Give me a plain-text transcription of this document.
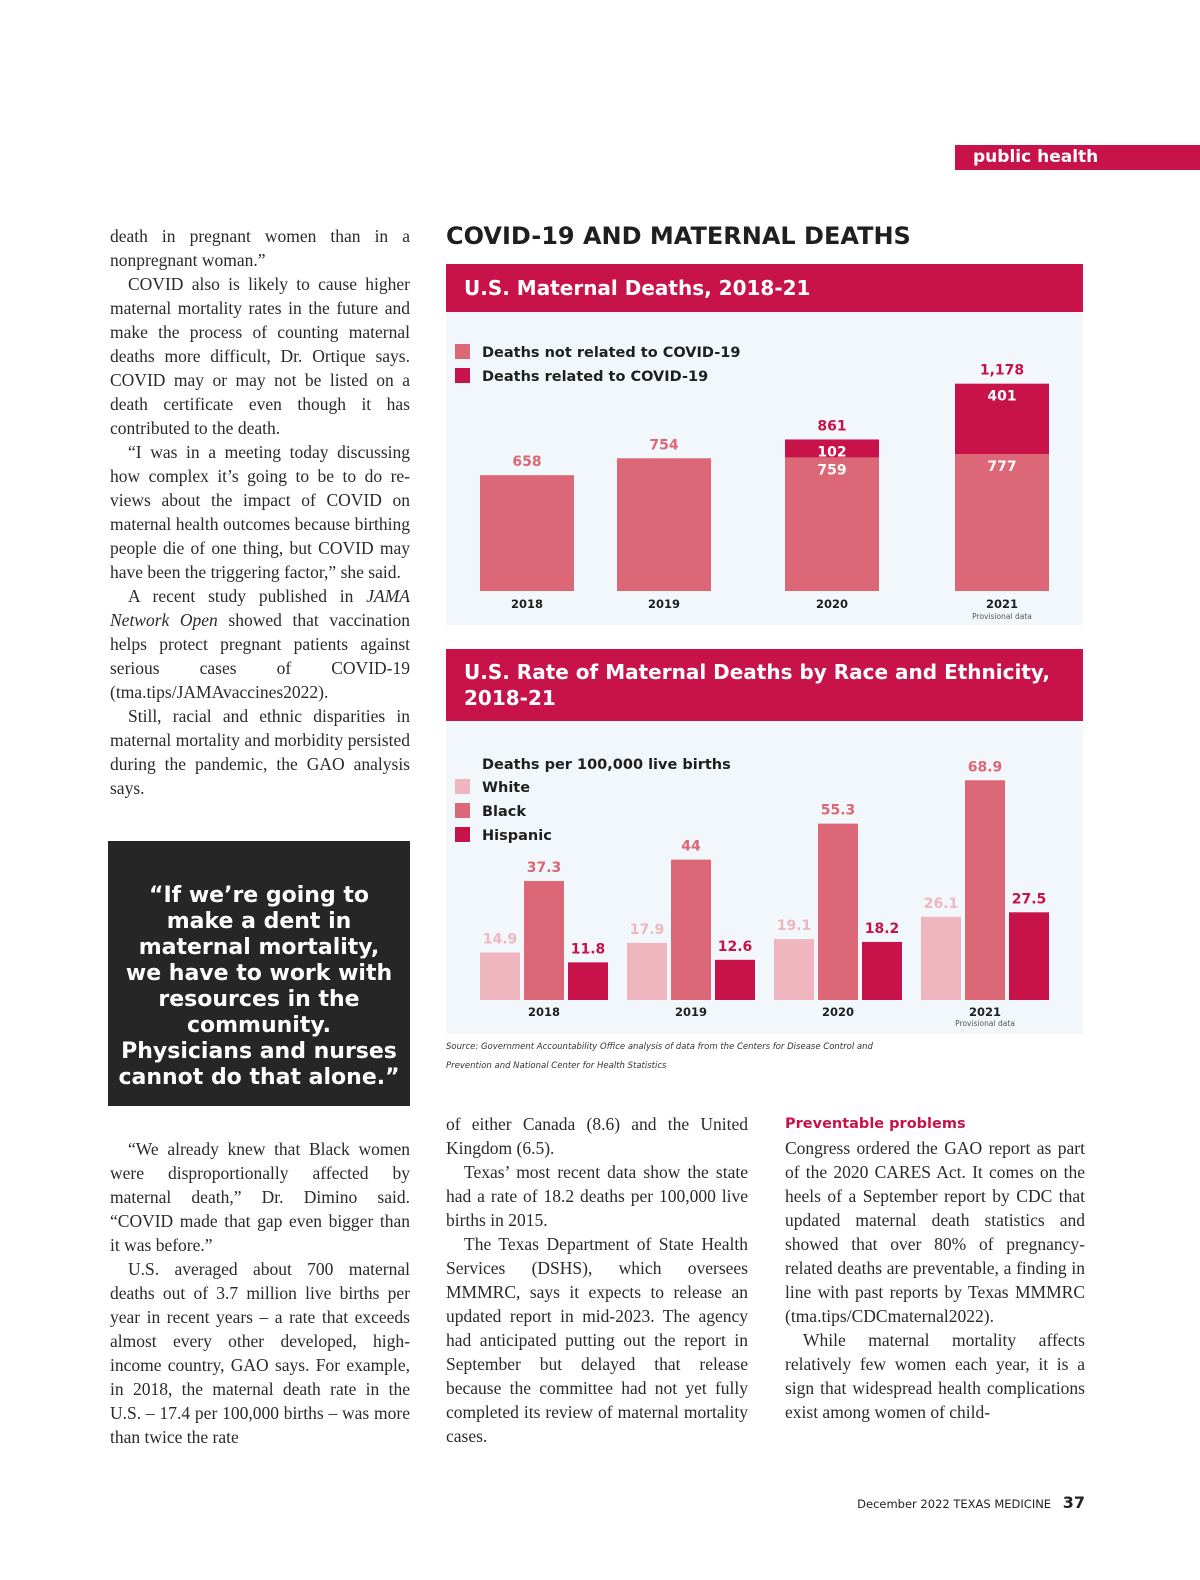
public health

death in pregnant women than in a nonpregnant woman.”

COVID also is likely to cause higher maternal mortality rates in the future and make the process of counting maternal deaths more difficult, Dr. Ortique says. COVID may or may not be listed on a death certificate even though it has contributed to the death.

“I was in a meeting today discussing how complex it’s going to be to do reviews about the impact of COVID on maternal health outcomes because birthing people die of one thing, but COVID may have been the triggering factor,” she said.

A recent study published in JAMA Network Open showed that vaccination helps protect pregnant patients against serious cases of COVID-19 (tma.tips/JAMAvaccines2022).

Still, racial and ethnic disparities in maternal mortality and morbidity persisted during the pandemic, the GAO analysis says.

“If we’re going to make a dent in maternal mortality, we have to work with resources in the community. Physicians and nurses cannot do that alone.”

“We already knew that Black women were disproportionally affected by maternal death,” Dr. Dimino said. “COVID made that gap even bigger than it was before.”

U.S. averaged about 700 maternal deaths out of 3.7 million live births per year in recent years – a rate that exceeds almost every other developed, high-income country, GAO says. For example, in 2018, the maternal death rate in the U.S. – 17.4 per 100,000 births – was more than twice the rate

COVID-19 AND MATERNAL DEATHS
U.S. Maternal Deaths, 2018-21
Deaths not related to COVID-19
Deaths related to COVID-19
658
2018
754
2019
102
759
861
2020
401
777
1,178
2021
Provisional data
U.S. Rate of Maternal Deaths by Race and Ethnicity, 2018-21
Deaths per 100,000 live births
White
Black
Hispanic
14.9
37.3
11.8
2018
17.9
44
12.6
2019
19.1
55.3
18.2
2020
26.1
68.9
27.5
2021
Provisional data
Source: Government Accountability Office analysis of data from the Centers for Disease Control and Prevention and National Center for Health Statistics

of either Canada (8.6) and the United Kingdom (6.5).

Texas’ most recent data show the state had a rate of 18.2 deaths per 100,000 live births in 2015.

The Texas Department of State Health Services (DSHS), which oversees MMMRC, says it expects to release an updated report in mid-2023. The agency had anticipated putting out the report in September but delayed that release because the committee had not yet fully completed its review of maternal mortality cases.

Preventable problems

Congress ordered the GAO report as part of the 2020 CARES Act. It comes on the heels of a September report by CDC that updated maternal death statistics and showed that over 80% of pregnancy-related deaths are preventable, a finding in line with past reports by Texas MMMRC (tma.tips/CDCmaternal2022).

While maternal mortality affects relatively few women each year, it is a sign that widespread health complications exist among women of child-

December 2022 TEXAS MEDICINE 37
